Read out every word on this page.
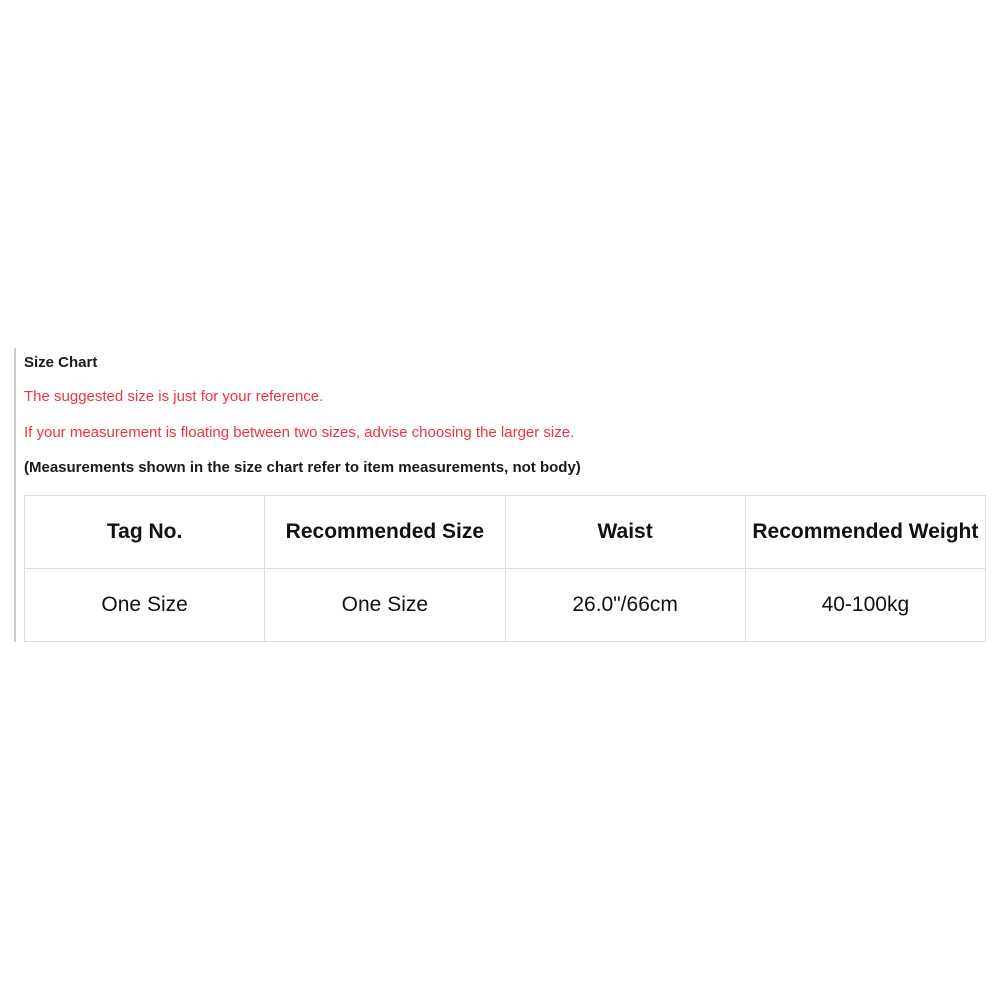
Size Chart
The suggested size is just for your reference.
If your measurement is floating between two sizes, advise choosing the larger size.
(Measurements shown in the size chart refer to item measurements, not body)
Tag No.	Recommended Size	Waist	Recommended Weight
One Size	One Size	26.0"/66cm	40-100kg
